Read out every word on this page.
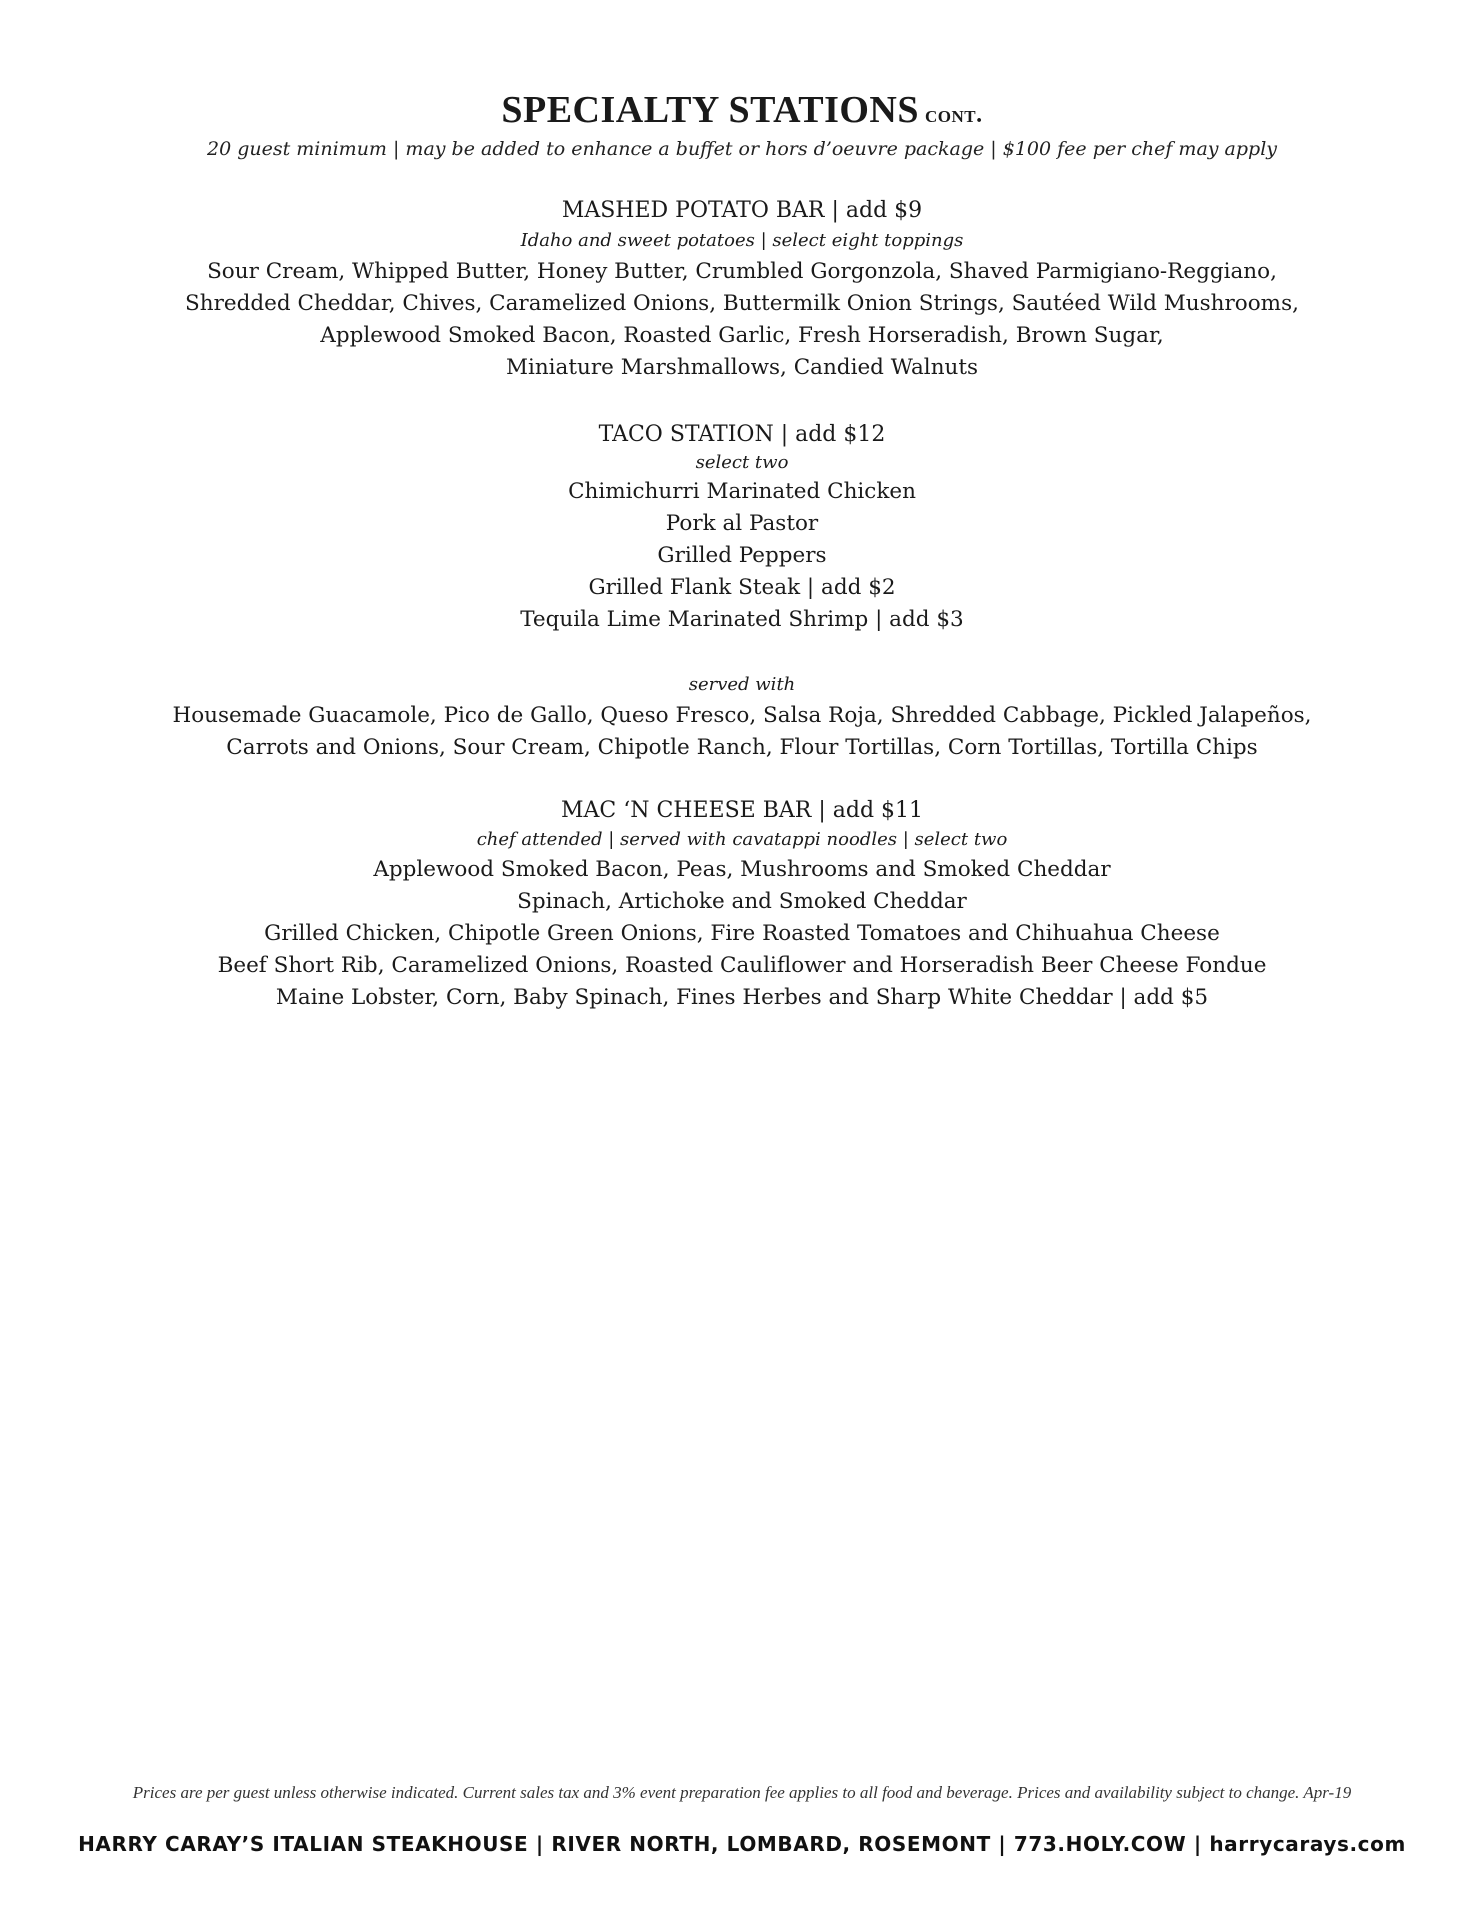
SPECIALTY STATIONS cont.
20 guest minimum | may be added to enhance a buffet or hors d’oeuvre package | $100 fee per chef may apply
MASHED POTATO BAR | add $9
Idaho and sweet potatoes | select eight toppings
Sour Cream, Whipped Butter, Honey Butter, Crumbled Gorgonzola, Shaved Parmigiano-Reggiano,
Shredded Cheddar, Chives, Caramelized Onions, Buttermilk Onion Strings, Sautéed Wild Mushrooms,
Applewood Smoked Bacon, Roasted Garlic, Fresh Horseradish, Brown Sugar,
Miniature Marshmallows, Candied Walnuts
TACO STATION | add $12
select two
Chimichurri Marinated Chicken
Pork al Pastor
Grilled Peppers
Grilled Flank Steak | add $2
Tequila Lime Marinated Shrimp | add $3
served with
Housemade Guacamole, Pico de Gallo, Queso Fresco, Salsa Roja, Shredded Cabbage, Pickled Jalapeños,
Carrots and Onions, Sour Cream, Chipotle Ranch, Flour Tortillas, Corn Tortillas, Tortilla Chips
MAC ‘N CHEESE BAR | add $11
chef attended | served with cavatappi noodles | select two
Applewood Smoked Bacon, Peas, Mushrooms and Smoked Cheddar
Spinach, Artichoke and Smoked Cheddar
Grilled Chicken, Chipotle Green Onions, Fire Roasted Tomatoes and Chihuahua Cheese
Beef Short Rib, Caramelized Onions, Roasted Cauliflower and Horseradish Beer Cheese Fondue
Maine Lobster, Corn, Baby Spinach, Fines Herbes and Sharp White Cheddar | add $5
Prices are per guest unless otherwise indicated. Current sales tax and 3% event preparation fee applies to all food and beverage. Prices and availability subject to change. Apr-19
HARRY CARAY’S ITALIAN STEAKHOUSE | RIVER NORTH, LOMBARD, ROSEMONT | 773.HOLY.COW | harrycarays.com
